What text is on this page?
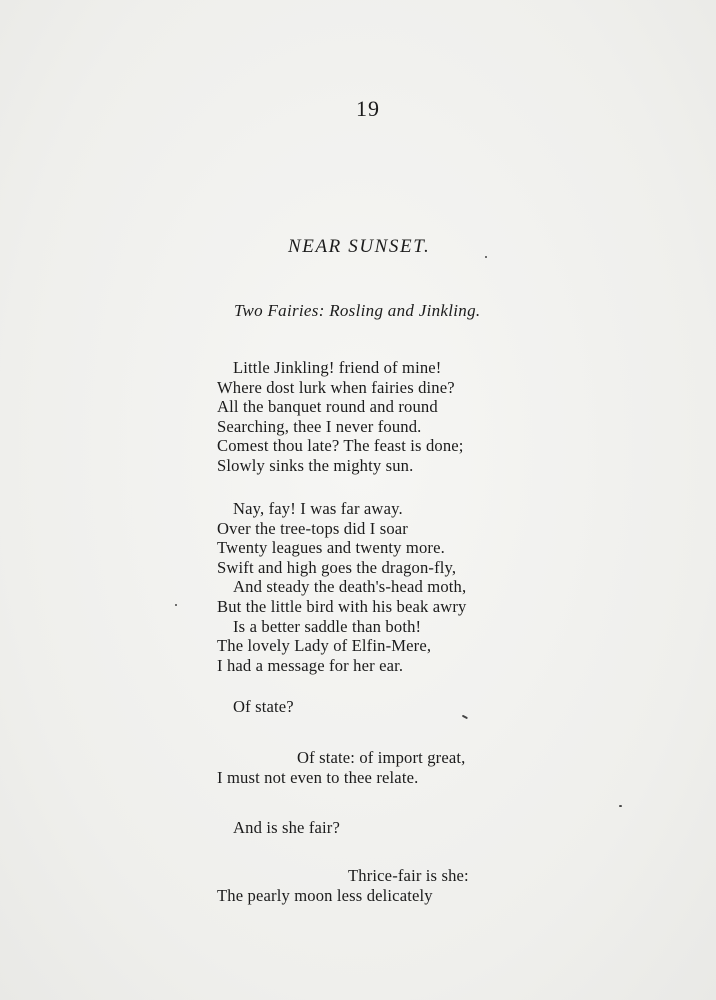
19
NEAR SUNSET.
Two Fairies: Rosling and Jinkling.
Little Jinkling! friend of mine!
Where dost lurk when fairies dine?
All the banquet round and round
Searching, thee I never found.
Comest thou late? The feast is done;
Slowly sinks the mighty sun.
Nay, fay! I was far away.
Over the tree-tops did I soar
Twenty leagues and twenty more.
Swift and high goes the dragon-fly,
And steady the death's-head moth,
But the little bird with his beak awry
Is a better saddle than both!
The lovely Lady of Elfin-Mere,
I had a message for her ear.
Of state?
Of state: of import great,
I must not even to thee relate.
And is she fair?
Thrice-fair is she:
The pearly moon less delicately
